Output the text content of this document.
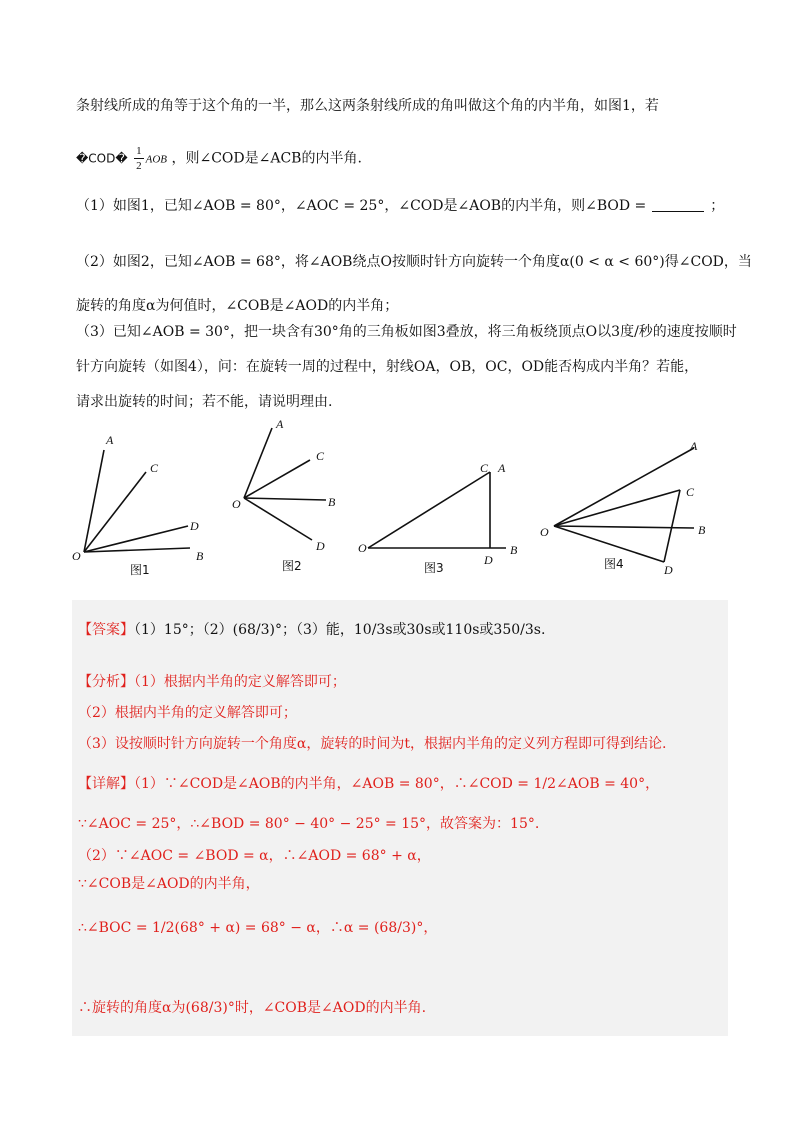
条射线所成的角等于这个角的一半，那么这两条射线所成的角叫做这个角的内半角，如图1，若
�COD� $\frac{1}{2}$ AOB ，则∠COD是∠ACB的内半角.
（1）如图1，已知∠AOB = 80°，∠AOC = 25°，∠COD是∠AOB的内半角，则∠BOD =	；
（2）如图2，已知∠AOB = 68°，将∠AOB绕点O按顺时针方向旋转一个角度α(0 < α < 60°)得∠COD，当
旋转的角度α为何值时，∠COB是∠AOD的内半角；
（3）已知∠AOB = 30°，把一块含有30°角的三角板如图3叠放，将三角板绕顶点O以3度/秒的速度按顺时
针方向旋转（如图4），问：在旋转一周的过程中，射线OA，OB，OC，OD能否构成内半角？若能，
请求出旋转的时间；若不能，请说明理由.
A
C
D
O	B
图1
A
C
O	B
D
图2
C A
O
D
B
图3
A
C
O	B
D
图4
【答案】（1）15°；（2）(68/3)°；（3）能，10/3s或30s或110s或350/3s.
【分析】（1）根据内半角的定义解答即可；
（2）根据内半角的定义解答即可；
（3）设按顺时针方向旋转一个角度α，旋转的时间为t，根据内半角的定义列方程即可得到结论.
【详解】（1）∵∠COD是∠AOB的内半角，∠AOB = 80°，∴∠COD = 1/2∠AOB = 40°，
∵∠AOC = 25°，∴∠BOD = 80° − 40° − 25° = 15°，故答案为：15°.
（2）∵∠AOC = ∠BOD = α，∴∠AOD = 68° + α，
∵∠COB是∠AOD的内半角，
∴∠BOC = 1/2(68° + α) = 68° − α，∴α = (68/3)°，
∴旋转的角度α为(68/3)°时，∠COB是∠AOD的内半角.
